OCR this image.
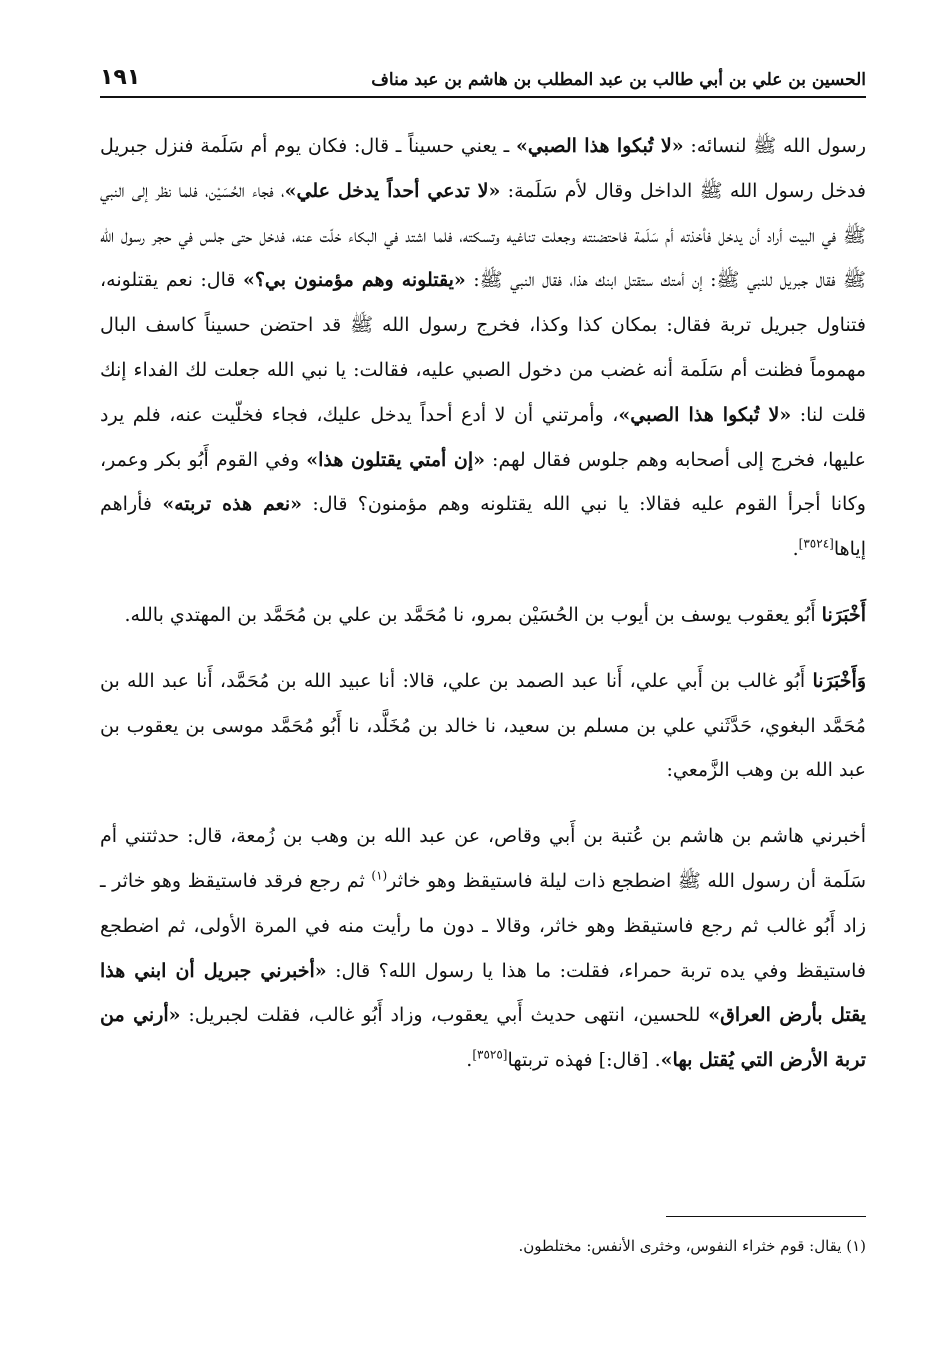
الحسين بن علي بن أبي طالب بن عبد المطلب بن هاشم بن عبد مناف
١٩١

رسول الله ﷺ لنسائه: «لا تُبكوا هذا الصبي» ـ يعني حسيناً ـ قال: فكان يوم أم سَلَمة فنزل جبريل فدخل رسول الله ﷺ الداخل وقال لأم سَلَمة: «لا تدعي أحداً يدخل علي»، فجاء الحُسَيْن، فلما نظر إلى النبي ﷺ في البيت أراد أن يدخل فأخذته أم سَلَمة فاحتضنته وجعلت تناغيه وتسكته، فلما اشتد في البكاء خلّت عنه، فدخل حتى جلس في حجر رسول الله ﷺ فقال جبريل للنبي ﷺ: إن أمتك ستقتل ابنك هذا، فقال النبي ﷺ: «يقتلونه وهم مؤمنون بي؟» قال: نعم يقتلونه، فتناول جبريل تربة فقال: بمكان كذا وكذا، فخرج رسول الله ﷺ قد احتضن حسيناً كاسف البال مهموماً فظنت أم سَلَمة أنه غضب من دخول الصبي عليه، فقالت: يا نبي الله جعلت لك الفداء إنك قلت لنا: «لا تُبكوا هذا الصبي»، وأمرتني أن لا أدع أحداً يدخل عليك، فجاء فخلّيت عنه، فلم يرد عليها، فخرج إلى أصحابه وهم جلوس فقال لهم: «إن أمتي يقتلون هذا» وفي القوم أَبُو بكر وعمر، وكانا أجرأ القوم عليه فقالا: يا نبي الله يقتلونه وهم مؤمنون؟ قال: «نعم هذه تربته» فأراهم إياها[٣٥٢٤].

أَخْبَرَنا أَبُو يعقوب يوسف بن أيوب بن الحُسَيْن بمرو، نا مُحَمَّد بن علي بن مُحَمَّد بن المهتدي بالله.

وَأَخْبَرَنا أَبُو غالب بن أَبي علي، أَنا عبد الصمد بن علي، قالا: أنا عبيد الله بن مُحَمَّد، أَنا عبد الله بن مُحَمَّد البغوي، حَدَّثَني علي بن مسلم بن سعيد، نا خالد بن مُخَلَّد، نا أَبُو مُحَمَّد موسى بن يعقوب بن عبد الله بن وهب الزَّمعي:

أخبرني هاشم بن هاشم بن عُتبة بن أَبي وقاص، عن عبد الله بن وهب بن زُمعة، قال: حدثتني أم سَلَمة أن رسول الله ﷺ اضطجع ذات ليلة فاستيقظ وهو خاثر$^{(١)}$ ثم رجع فرقد فاستيقظ وهو خاثر ـ زاد أَبُو غالب ثم رجع فاستيقظ وهو خاثر، وقالا ـ دون ما رأيت منه في المرة الأولى، ثم اضطجع فاستيقظ وفي يده تربة حمراء، فقلت: ما هذا يا رسول الله؟ قال: «أخبرني جبريل أن ابني هذا يقتل بأرض العراق» للحسين، انتهى حديث أَبي يعقوب، وزاد أَبُو غالب، فقلت لجبريل: «أرني من تربة الأرض التي يُقتل بها». [قال:] فهذه تربتها[٣٥٢٥].

(١) يقال: قوم خثراء النفوس، وخثرى الأنفس: مختلطون.
